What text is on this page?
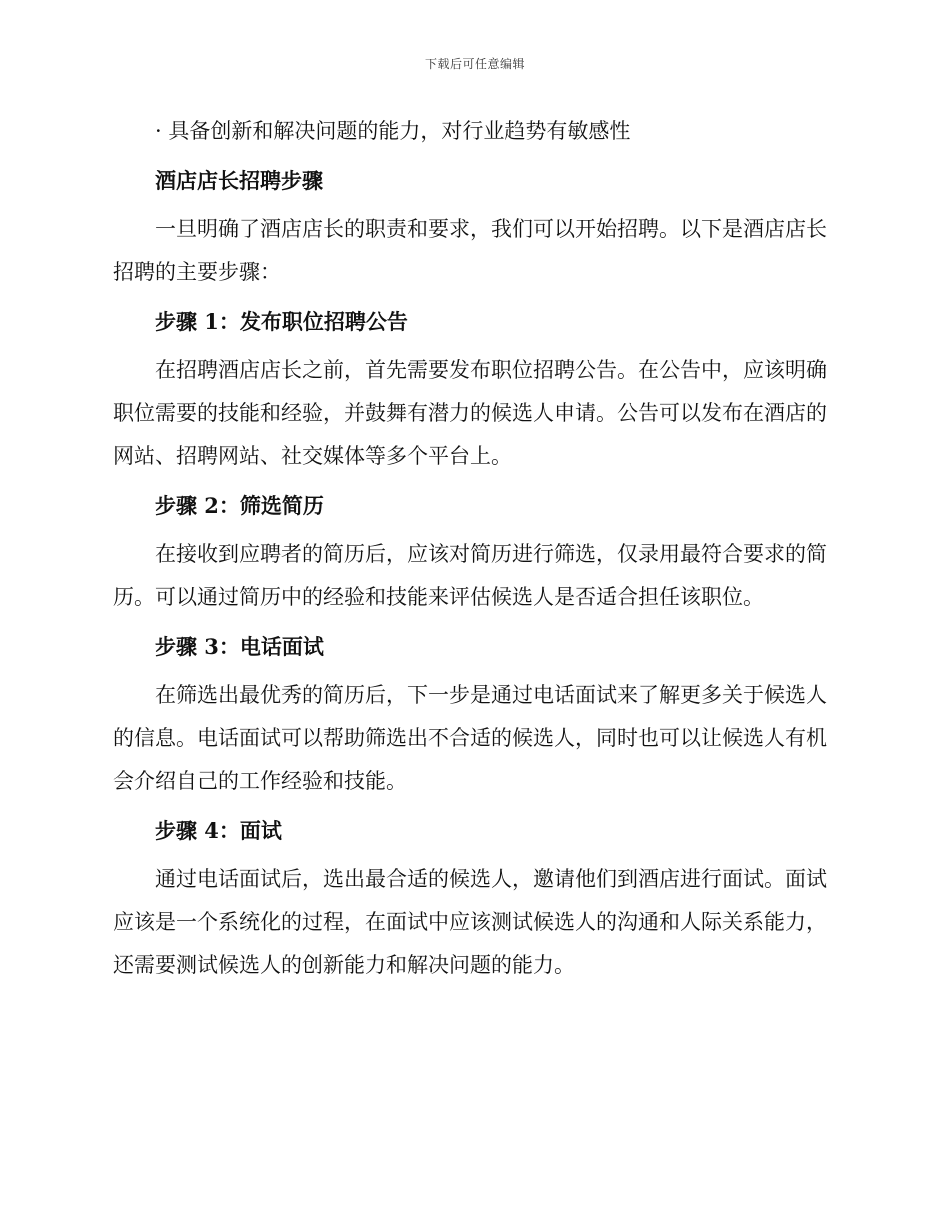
下载后可任意编辑

· 具备创新和解决问题的能力，对行业趋势有敏感性

酒店店长招聘步骤

一旦明确了酒店店长的职责和要求，我们可以开始招聘。以下是酒店店长招聘的主要步骤：

步骤 1：发布职位招聘公告

在招聘酒店店长之前，首先需要发布职位招聘公告。在公告中，应该明确职位需要的技能和经验，并鼓舞有潜力的候选人申请。公告可以发布在酒店的网站、招聘网站、社交媒体等多个平台上。

步骤 2：筛选简历

在接收到应聘者的简历后，应该对简历进行筛选，仅录用最符合要求的简历。可以通过简历中的经验和技能来评估候选人是否适合担任该职位。

步骤 3：电话面试

在筛选出最优秀的简历后，下一步是通过电话面试来了解更多关于候选人的信息。电话面试可以帮助筛选出不合适的候选人，同时也可以让候选人有机会介绍自己的工作经验和技能。

步骤 4：面试

通过电话面试后，选出最合适的候选人，邀请他们到酒店进行面试。面试应该是一个系统化的过程，在面试中应该测试候选人的沟通和人际关系能力，还需要测试候选人的创新能力和解决问题的能力。
